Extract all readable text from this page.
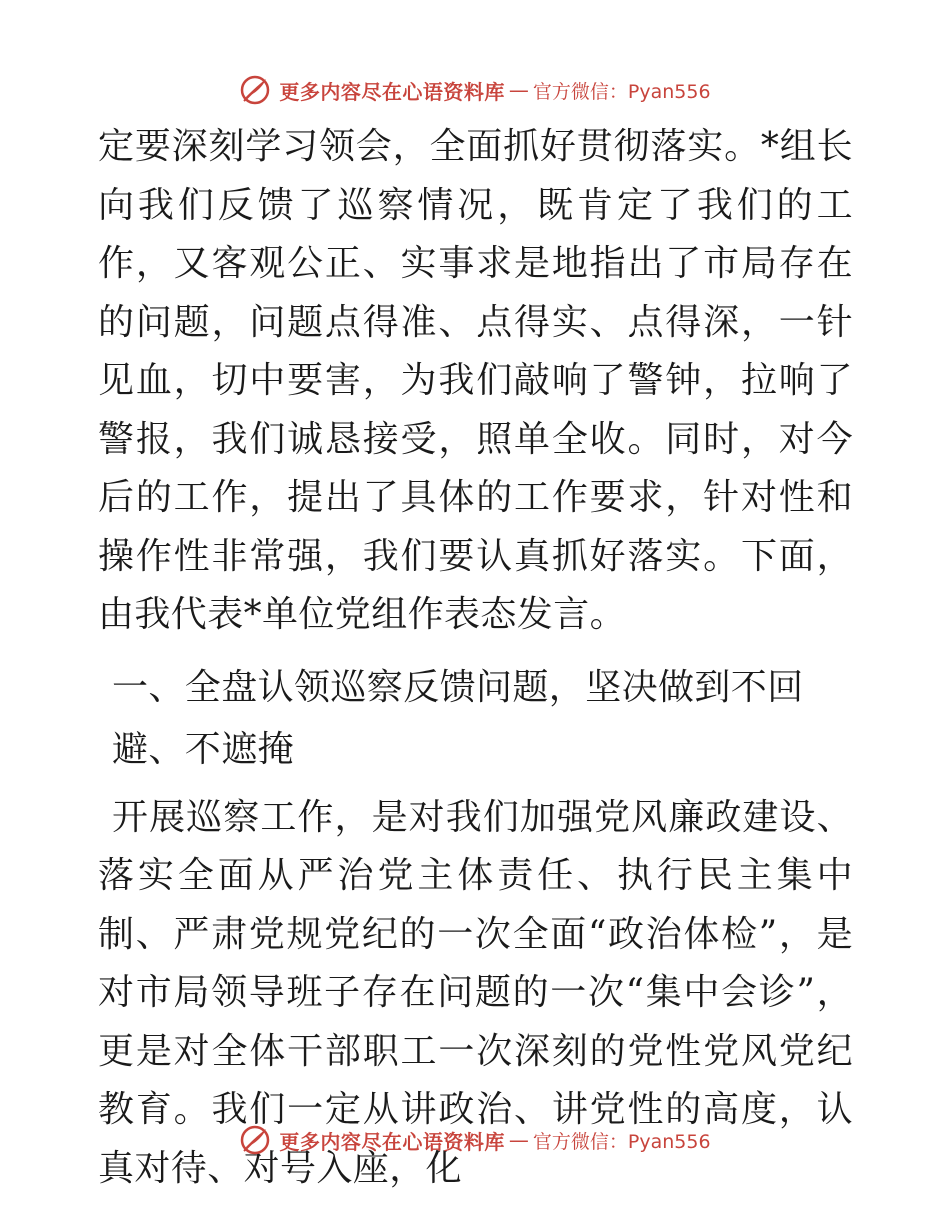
更多内容尽在心语资料库 — 官方微信：Pyan556

定要深刻学习领会，全面抓好贯彻落实。*组长向我们反馈了巡察情况，既肯定了我们的工作，又客观公正、实事求是地指出了市局存在的问题，问题点得准、点得实、点得深，一针见血，切中要害，为我们敲响了警钟，拉响了警报，我们诚恳接受，照单全收。同时，对今后的工作，提出了具体的工作要求，针对性和操作性非常强，我们要认真抓好落实。下面，由我代表*单位党组作表态发言。

一、全盘认领巡察反馈问题，坚决做到不回避、不遮掩

开展巡察工作，是对我们加强党风廉政建设、落实全面从严治党主体责任、执行民主集中制、严肃党规党纪的一次全面“政治体检”，是对市局领导班子存在问题的一次“集中会诊”，更是对全体干部职工一次深刻的党性党风党纪教育。我们一定从讲政治、讲党性的高度，认真对待、对号入座，化

更多内容尽在心语资料库 — 官方微信：Pyan556
